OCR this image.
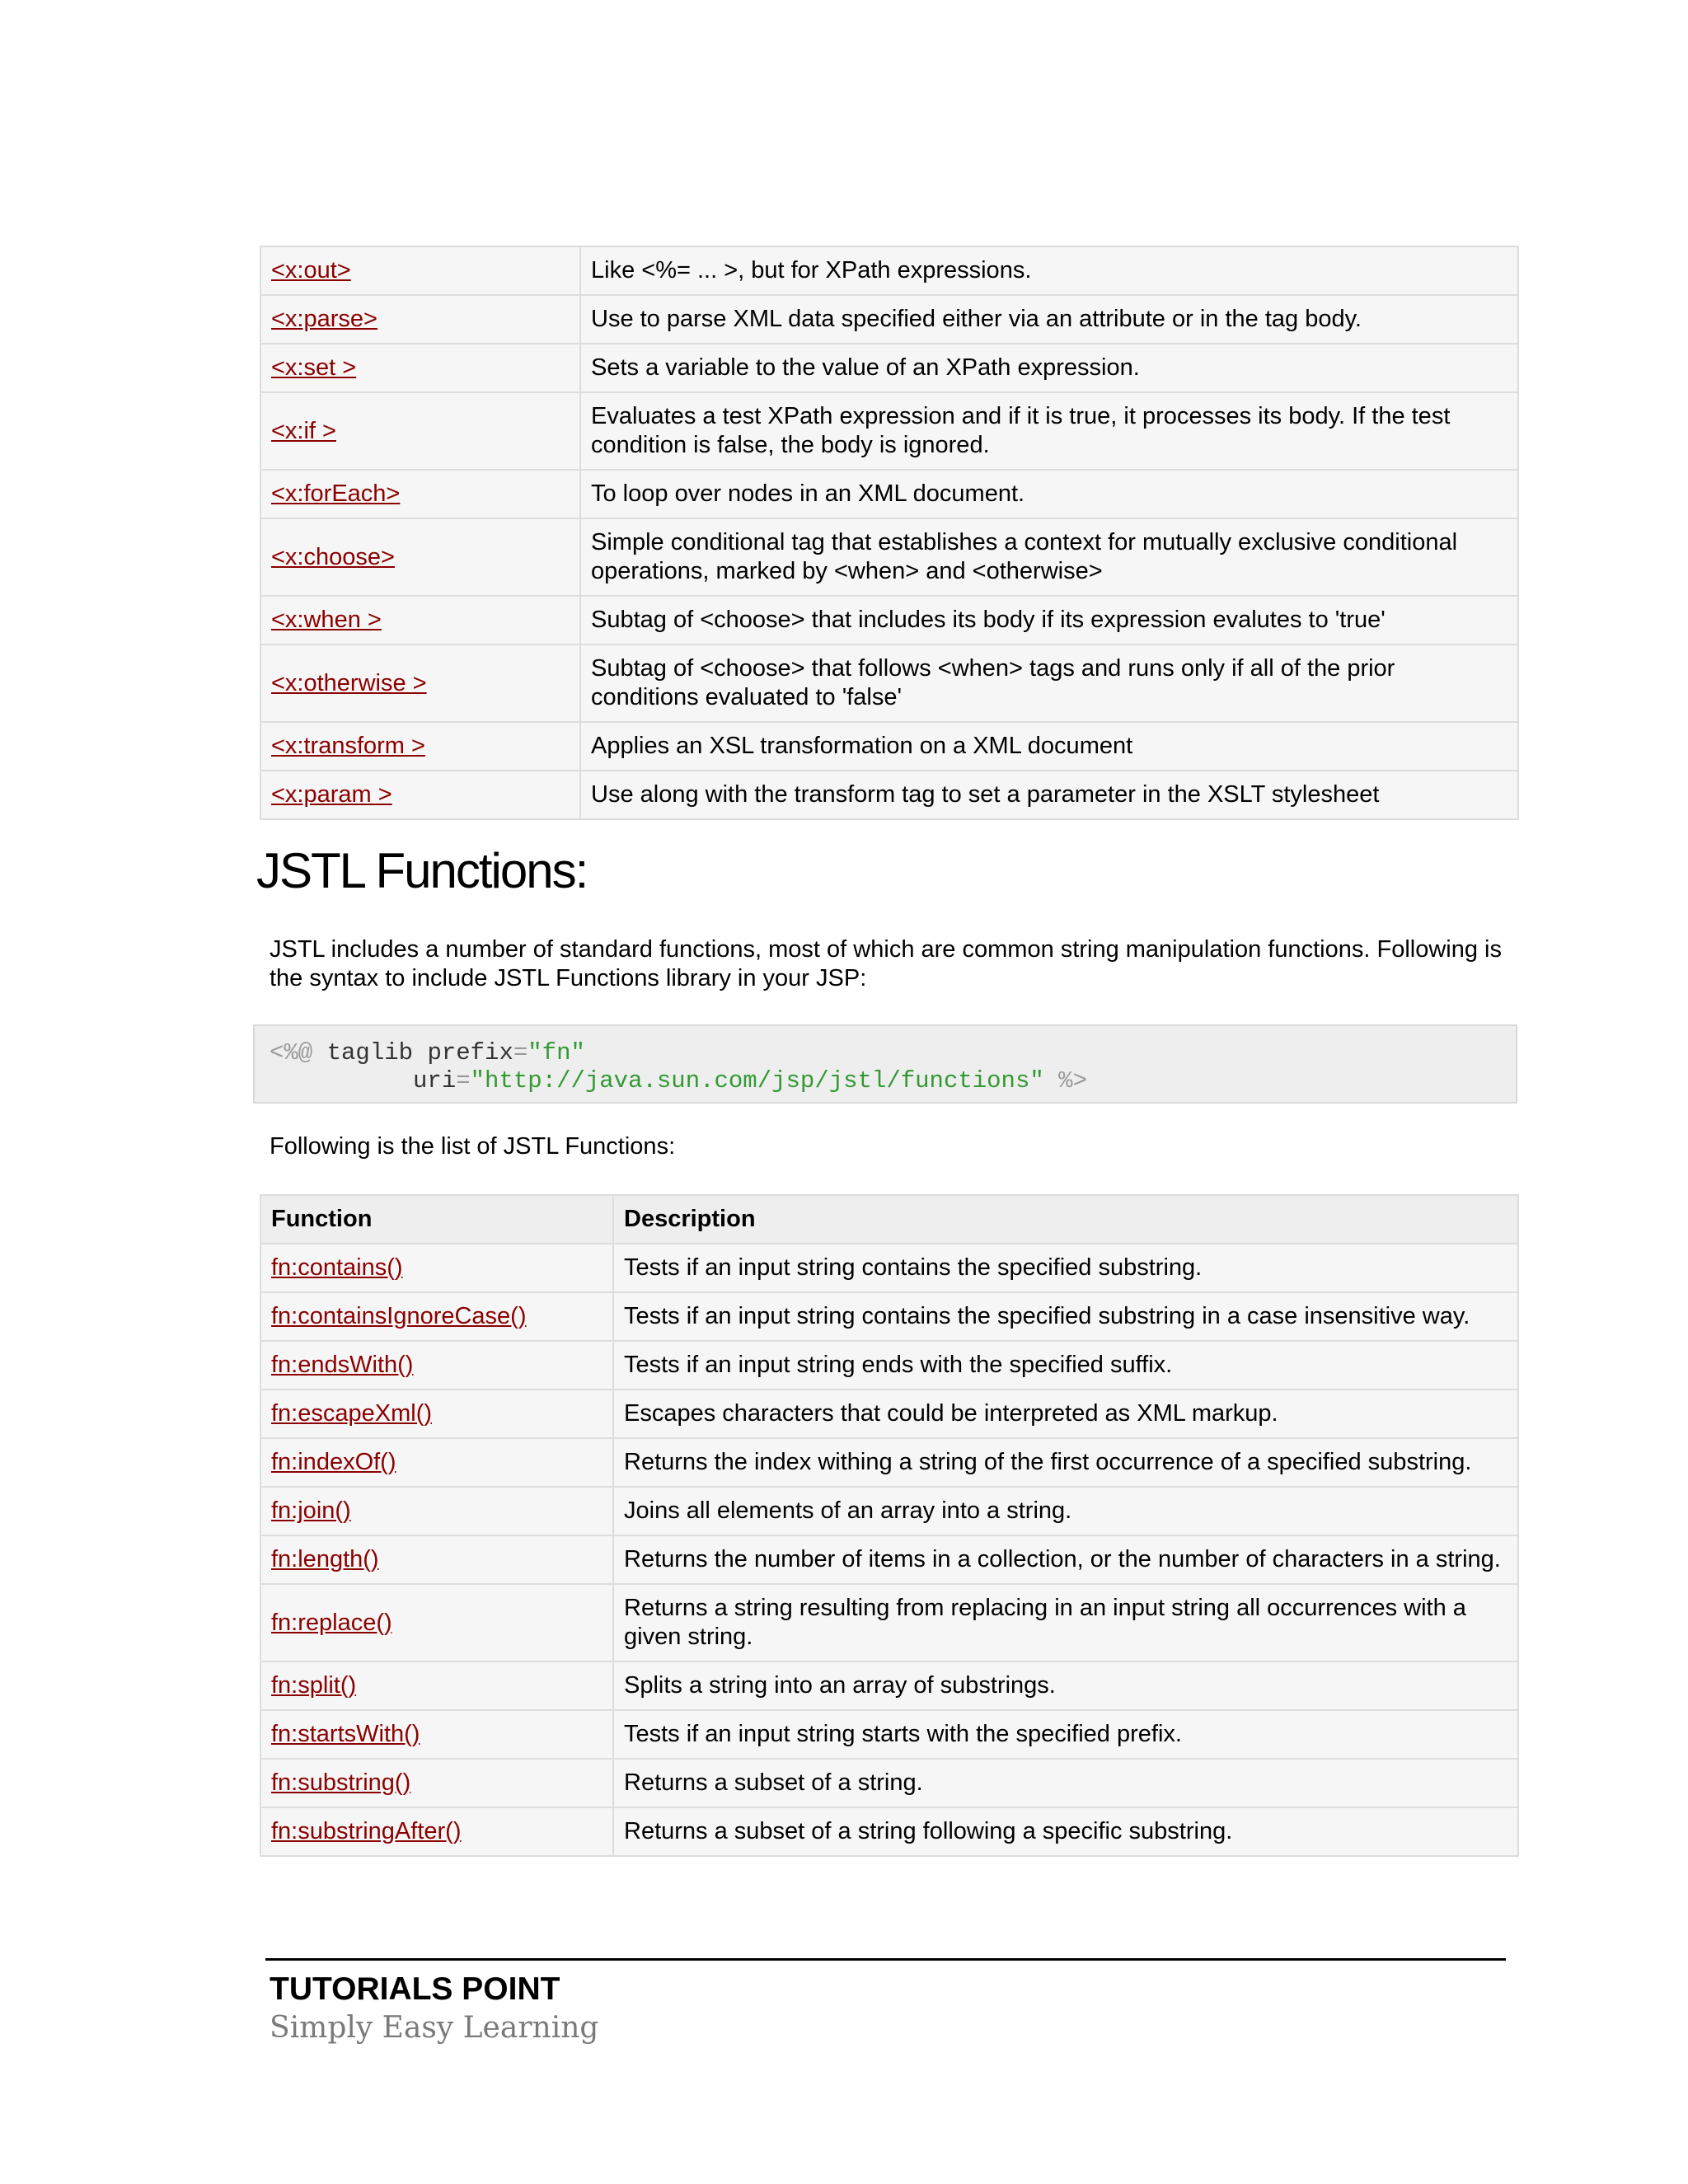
<x:out>	Like <%= ... >, but for XPath expressions.
<x:parse>	Use to parse XML data specified either via an attribute or in the tag body.
<x:set >	Sets a variable to the value of an XPath expression.
<x:if >	Evaluates a test XPath expression and if it is true, it processes its body. If the test condition is false, the body is ignored.
<x:forEach>	To loop over nodes in an XML document.
<x:choose>	Simple conditional tag that establishes a context for mutually exclusive conditional operations, marked by <when> and <otherwise>
<x:when >	Subtag of <choose> that includes its body if its expression evalutes to 'true'
<x:otherwise >	Subtag of <choose> that follows <when> tags and runs only if all of the prior conditions evaluated to 'false'
<x:transform >	Applies an XSL transformation on a XML document
<x:param >	Use along with the transform tag to set a parameter in the XSLT stylesheet
JSTL Functions:

JSTL includes a number of standard functions, most of which are common string manipulation functions. Following is the syntax to include JSTL Functions library in your JSP:

<%@ taglib prefix="fn"
uri="http://java.sun.com/jsp/jstl/functions" %>

Following is the list of JSTL Functions:

Function	Description
fn:contains()	Tests if an input string contains the specified substring.
fn:containsIgnoreCase()	Tests if an input string contains the specified substring in a case insensitive way.
fn:endsWith()	Tests if an input string ends with the specified suffix.
fn:escapeXml()	Escapes characters that could be interpreted as XML markup.
fn:indexOf()	Returns the index withing a string of the first occurrence of a specified substring.
fn:join()	Joins all elements of an array into a string.
fn:length()	Returns the number of items in a collection, or the number of characters in a string.
fn:replace()	Returns a string resulting from replacing in an input string all occurrences with a given string.
fn:split()	Splits a string into an array of substrings.
fn:startsWith()	Tests if an input string starts with the specified prefix.
fn:substring()	Returns a subset of a string.
fn:substringAfter()	Returns a subset of a string following a specific substring.

TUTORIALS POINT

Simply Easy Learning
